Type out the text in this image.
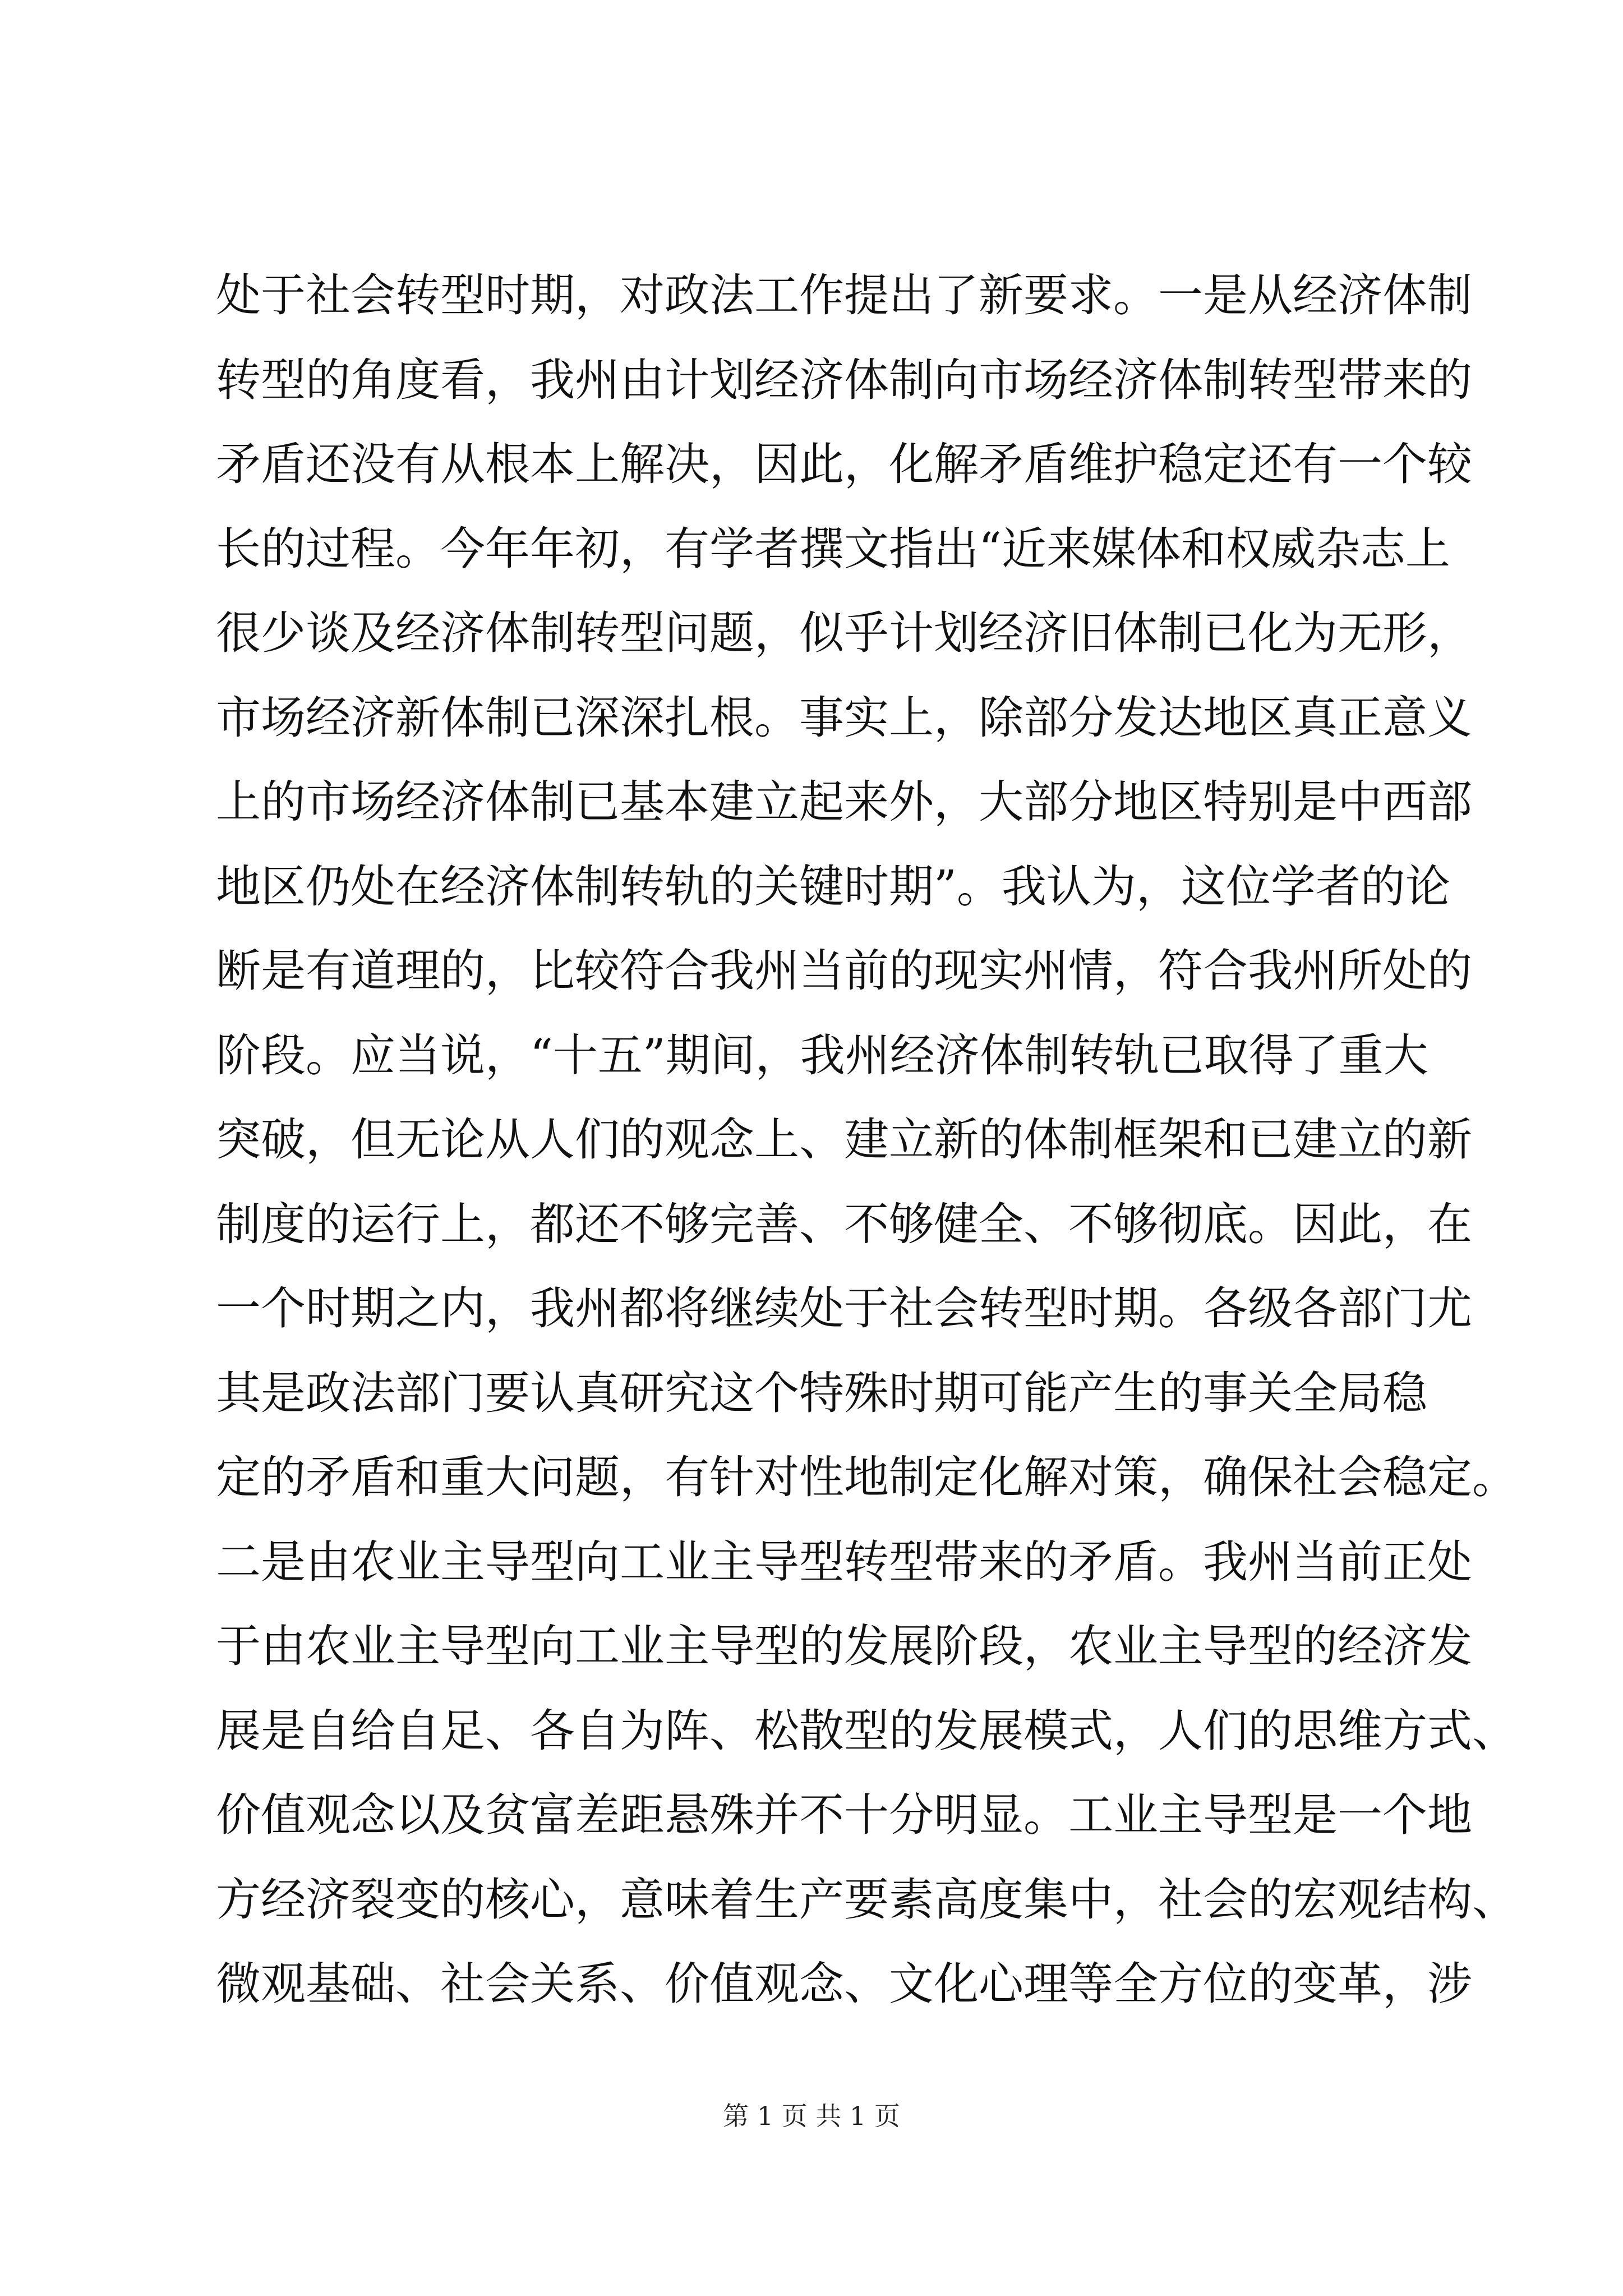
处于社会转型时期，对政法工作提出了新要求。一是从经济体制
转型的角度看，我州由计划经济体制向市场经济体制转型带来的
矛盾还没有从根本上解决，因此，化解矛盾维护稳定还有一个较
长的过程。今年年初，有学者撰文指出“近来媒体和权威杂志上
很少谈及经济体制转型问题，似乎计划经济旧体制已化为无形，
市场经济新体制已深深扎根。事实上，除部分发达地区真正意义
上的市场经济体制已基本建立起来外，大部分地区特别是中西部
地区仍处在经济体制转轨的关键时期”。我认为，这位学者的论
断是有道理的，比较符合我州当前的现实州情，符合我州所处的
阶段。应当说，“十五”期间，我州经济体制转轨已取得了重大
突破，但无论从人们的观念上、建立新的体制框架和已建立的新
制度的运行上，都还不够完善、不够健全、不够彻底。因此，在
一个时期之内，我州都将继续处于社会转型时期。各级各部门尤
其是政法部门要认真研究这个特殊时期可能产生的事关全局稳
定的矛盾和重大问题，有针对性地制定化解对策，确保社会稳定。
二是由农业主导型向工业主导型转型带来的矛盾。我州当前正处
于由农业主导型向工业主导型的发展阶段，农业主导型的经济发
展是自给自足、各自为阵、松散型的发展模式，人们的思维方式、
价值观念以及贫富差距悬殊并不十分明显。工业主导型是一个地
方经济裂变的核心，意味着生产要素高度集中，社会的宏观结构、
微观基础、社会关系、价值观念、文化心理等全方位的变革，涉
第 1 页 共 1 页
